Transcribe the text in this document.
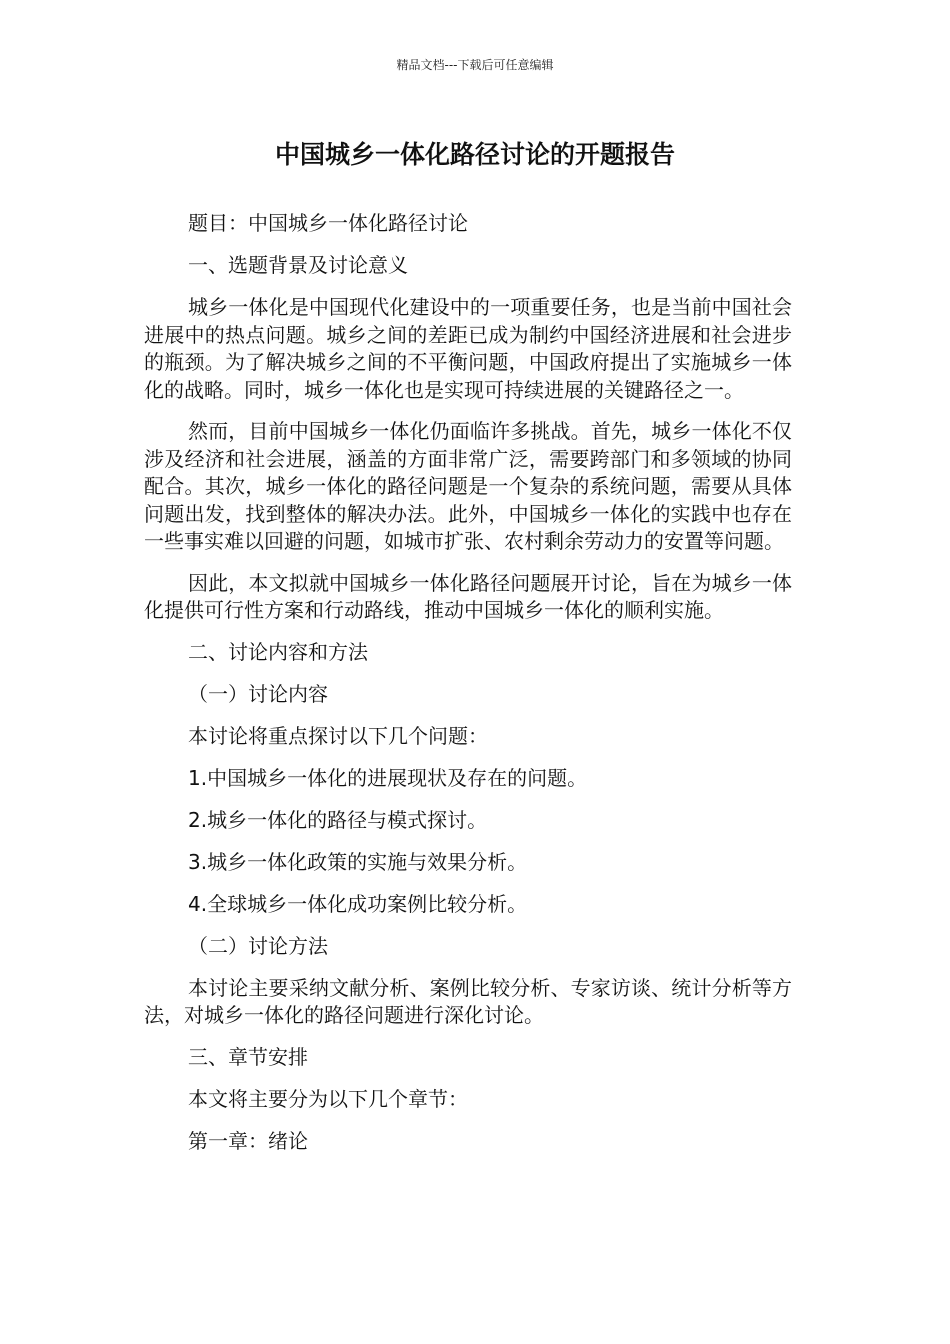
精品文档---下载后可任意编辑
中国城乡一体化路径讨论的开题报告

题目：中国城乡一体化路径讨论

一、选题背景及讨论意义

城乡一体化是中国现代化建设中的一项重要任务，也是当前中国社会进展中的热点问题。城乡之间的差距已成为制约中国经济进展和社会进步的瓶颈。为了解决城乡之间的不平衡问题，中国政府提出了实施城乡一体化的战略。同时，城乡一体化也是实现可持续进展的关键路径之一。

然而，目前中国城乡一体化仍面临许多挑战。首先，城乡一体化不仅涉及经济和社会进展，涵盖的方面非常广泛，需要跨部门和多领域的协同配合。其次，城乡一体化的路径问题是一个复杂的系统问题，需要从具体问题出发，找到整体的解决办法。此外，中国城乡一体化的实践中也存在一些事实难以回避的问题，如城市扩张、农村剩余劳动力的安置等问题。

因此，本文拟就中国城乡一体化路径问题展开讨论，旨在为城乡一体化提供可行性方案和行动路线，推动中国城乡一体化的顺利实施。

二、讨论内容和方法

（一）讨论内容

本讨论将重点探讨以下几个问题：

1.中国城乡一体化的进展现状及存在的问题。

2.城乡一体化的路径与模式探讨。

3.城乡一体化政策的实施与效果分析。

4.全球城乡一体化成功案例比较分析。

（二）讨论方法

本讨论主要采纳文献分析、案例比较分析、专家访谈、统计分析等方法，对城乡一体化的路径问题进行深化讨论。

三、章节安排

本文将主要分为以下几个章节：

第一章：绪论
